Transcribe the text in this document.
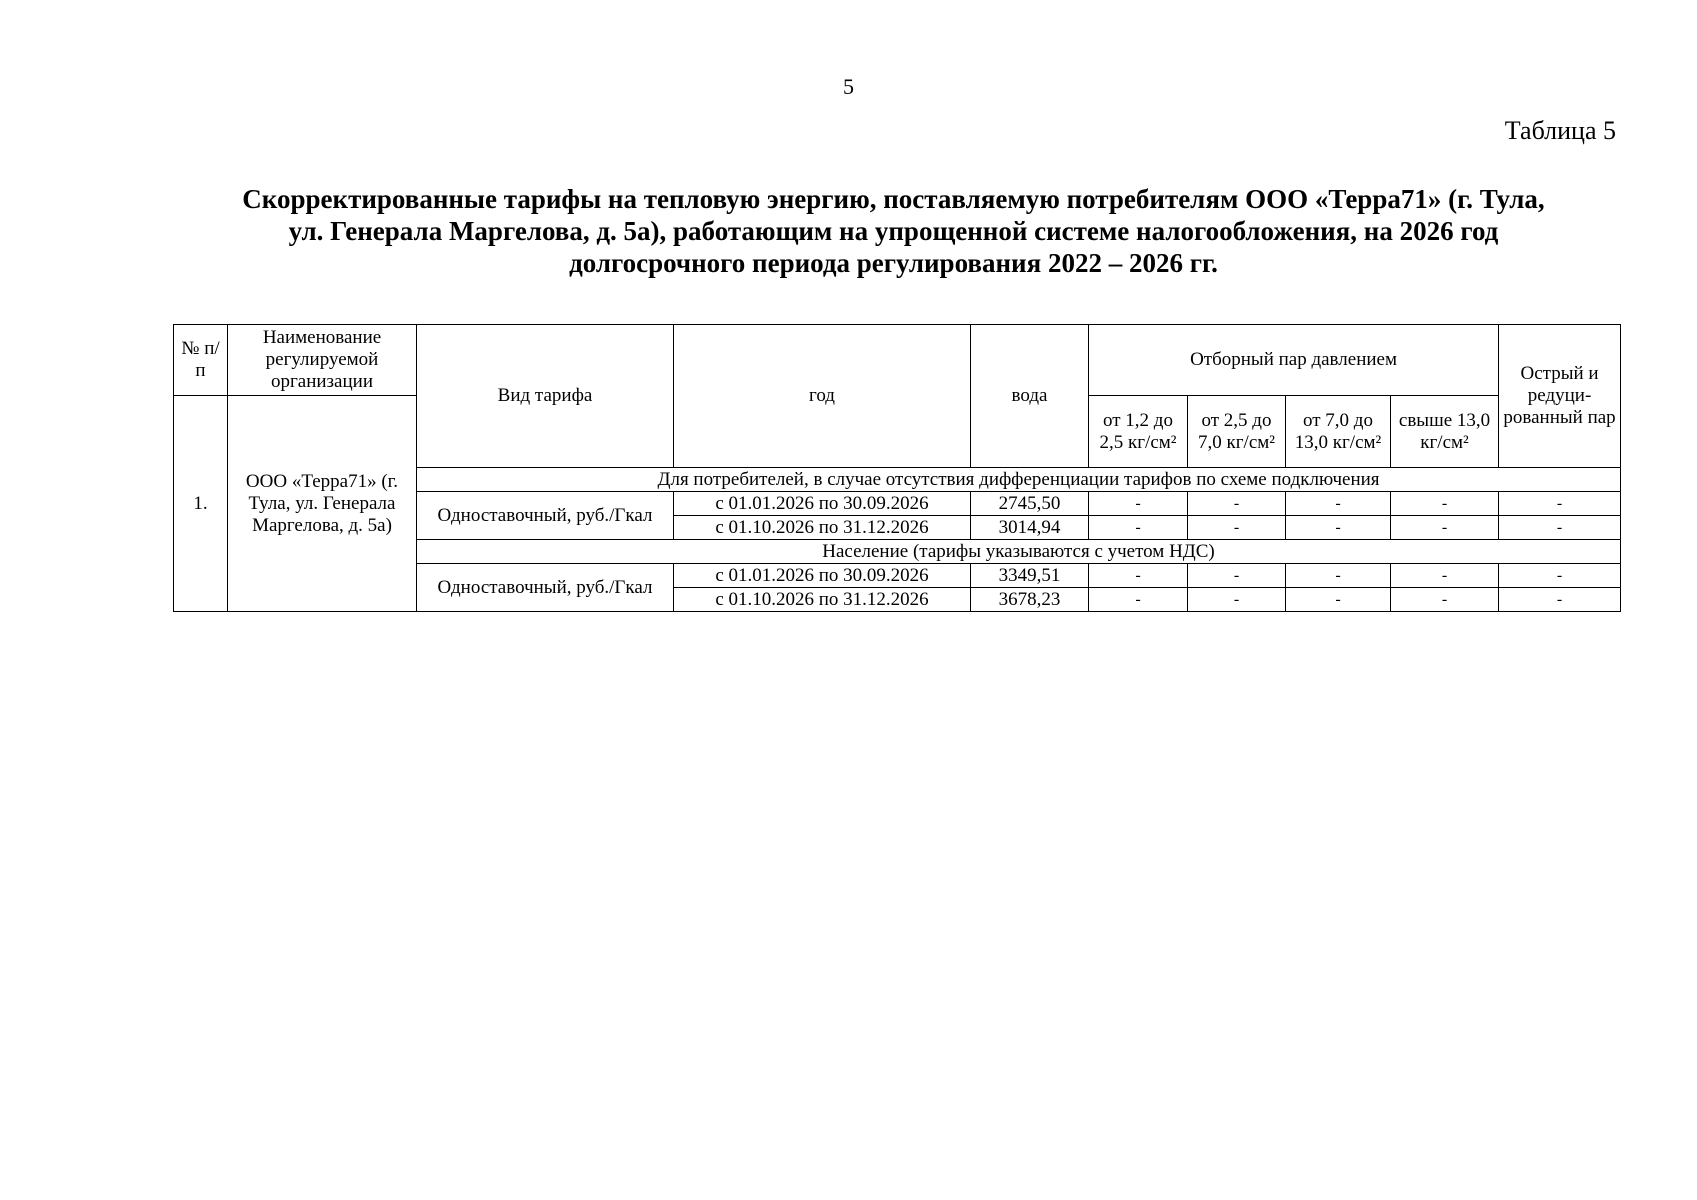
5
Таблица 5
Скорректированные тарифы на тепловую энергию, поставляемую потребителям ООО «Терра71» (г. Тула,
ул. Генерала Маргелова, д. 5а), работающим на упрощенной системе налогообложения, на 2026 год
долгосрочного периода регулирования 2022 – 2026 гг.
№ п/п	Наименование регулируемой организации	Вид тарифа	год	вода	Отборный пар давлением				Острый и редуци-рованный пар
1.	ООО «Терра71» (г. Тула, ул. Генерала Маргелова, д. 5а)				от 1,2 до 2,5 кг/см²	от 2,5 до 7,0 кг/см²	от 7,0 до 13,0 кг/см²	свыше 13,0 кг/см²	
		Для потребителей, в случае отсутствия дифференциации тарифов по схеме подключения							
		Одноставочный, руб./Гкал	с 01.01.2026 по 30.09.2026	2745,50	-	-	-	-	-
			с 01.10.2026 по 31.12.2026	3014,94	-	-	-	-	-
		Население (тарифы указываются с учетом НДС)							
		Одноставочный, руб./Гкал	с 01.01.2026 по 30.09.2026	3349,51	-	-	-	-	-
			с 01.10.2026 по 31.12.2026	3678,23	-	-	-	-	-
